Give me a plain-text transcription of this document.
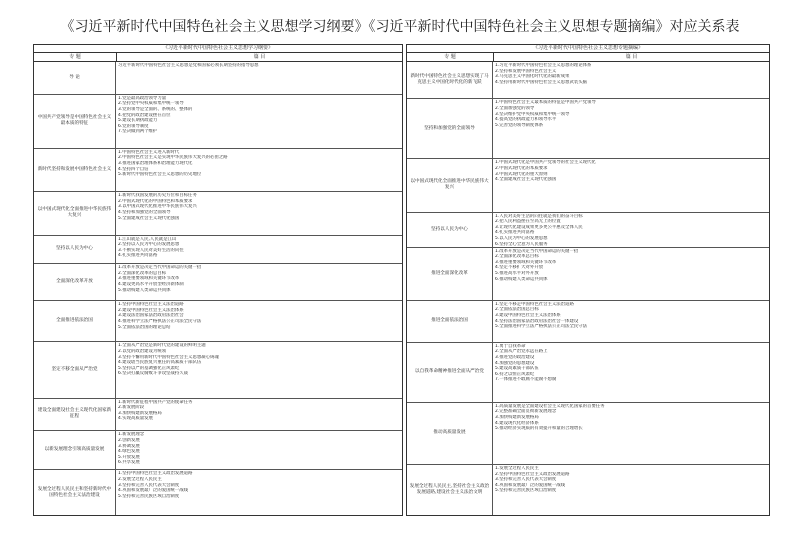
《习近平新时代中国特色社会主义思想学习纲要》《习近平新时代中国特色社会主义思想专题摘编》对应关系表
《习近平新时代中国特色社会主义思想学习纲要》
专 题	篇 目
导 论
习近平新时代中国特色社会主义思想是党和国家必须长期坚持的指导思想
中国共产党领导是中国特色社会主义最本质的特征
1.党是最高政治领导力量
2.坚持党中央权威和集中统一领导
3.党的领导是全面的、系统的、整体的
4.把党的政治建设摆在首位
5.建设长期执政能力
6.党的领导制度
7.坚决做到两个维护
新时代坚持和发展中国特色社会主义
1.中国特色社会主义进入新时代
2.中国特色社会主义是实现中华民族伟大复兴的必由之路
3.推进国家治理体系和治理能力现代化
4.坚持四个自信
5.新时代中国特色社会主义思想的历史地位
以中国式现代化全面推进中华民族伟大复兴
1.新时代我国发展的历史方位和目标任务
2.中国式现代化的中国特色和本质要求
3.以中国式现代化推进中华民族伟大复兴
4.坚持和加强党的全面领导
5.全面建成社会主义现代化强国
坚持以人民为中心
1.江山就是人民,人民就是江山
2.坚持以人民为中心的发展思想
3.不断实现人民对美好生活的向往
4.扎实推进共同富裕
全面深化改革开放
1.改革开放是决定当代中国命运的关键一招
2.全面深化改革的总目标
3.推进重要领域和关键环节改革
4.建设更高水平开放型经济新体制
5.推动构建人类命运共同体
全面推进依法治国
1.坚持中国特色社会主义法治道路
2.建设中国特色社会主义法治体系
3.建设法治国家法治政府法治社会
4.推进科学立法严格执法公正司法全民守法
5.全面依法治国的理论总结
坚定不移全面从严治党
1.全面从严治党是新时代党的建设的鲜明主题
2.以党的政治建设为统领
3.坚持不懈用新时代中国特色社会主义思想凝心铸魂
4.建设堪当民族复兴重任的高素质干部队伍
5.坚持以严的基调强化正风肃纪
6.坚决打赢反腐败斗争攻坚战持久战
建设全面建设社会主义现代化国家新征程
1.新时代新征程中国共产党的使命任务
2.新发展阶段
3.加快构建新发展格局
4.实现高质量发展
以新发展理念引领高质量发展
1.新发展理念
2.创新发展
3.协调发展
4.绿色发展
5.开放发展
6.共享发展
发展全过程人民民主和坚持新时代中国特色社会主义法治建设
1.坚持中国特色社会主义政治发展道路
2.发展全过程人民民主
3.坚持和完善人民代表大会制度
4.巩固和发展最广泛的爱国统一战线
5.坚持和完善民族区域自治制度
《习近平新时代中国特色社会主义思想专题摘编》
专 题	篇 目
新时代中国特色社会主义思想实现了马克思主义中国化时代化的新飞跃
1.习近平新时代中国特色社会主义思想的理论体系
2.坚持和发展中国特色社会主义
3.马克思主义中国化时代化的最新成果
4.坚持用新时代中国特色社会主义思想武装头脑
坚持和加强党的全面领导
1.中国特色社会主义最本质的特征是中国共产党领导
2.全面加强党的领导
3.坚决维护党中央权威和集中统一领导
4.提高党的执政能力和领导水平
5.完善党的领导制度体系
以中国式现代化全面推进中华民族伟大复兴
1.中国式现代化是中国共产党领导的社会主义现代化
2.中国式现代化的本质要求
3.中国式现代化的重大原则
4.全面建成社会主义现代化强国
坚持以人民为中心
1.人民对美好生活的向往就是我们的奋斗目标
2.把人民利益摆在至高无上的位置
3.让现代化建设成果更多更公平惠及全体人民
4.扎实推进共同富裕
5.以人民为中心的发展思想
6.坚持全心全意为人民服务
推进全面深化改革
1.改革开放是决定当代中国命运的关键一招
2.全面深化改革总目标
3.推进重要领域和关键环节改革
4.坚定不移扩大对外开放
5.推进高水平对外开放
6.推动构建人类命运共同体
推进全面依法治国
1.坚定不移走中国特色社会主义法治道路
2.全面依法治国总目标
3.建设中国特色社会主义法治体系
4.坚持法治国家法治政府法治社会一体建设
5.全面推进科学立法严格执法公正司法全民守法
以自我革命精神推进全面从严治党
1.勇于自我革命
2.全面从严治党永远在路上
3.推进党的政治建设
4.加强党的思想建设
5.建设高素质干部队伍
6.持之以恒正风肃纪
7.一体推进不敢腐不能腐不想腐
推动高质量发展
1.高质量发展是全面建设社会主义现代化国家的首要任务
2.完整准确全面贯彻新发展理念
3.加快构建新发展格局
4.建设现代化经济体系
5.推动经济实现质的有效提升和量的合理增长
发展全过程人民民主,坚持社会主义政治发展道路,建设社会主义法治文明
1.发展全过程人民民主
2.坚持中国特色社会主义政治发展道路
3.坚持和完善人民代表大会制度
4.巩固和发展最广泛的爱国统一战线
5.坚持和完善民族区域自治制度
